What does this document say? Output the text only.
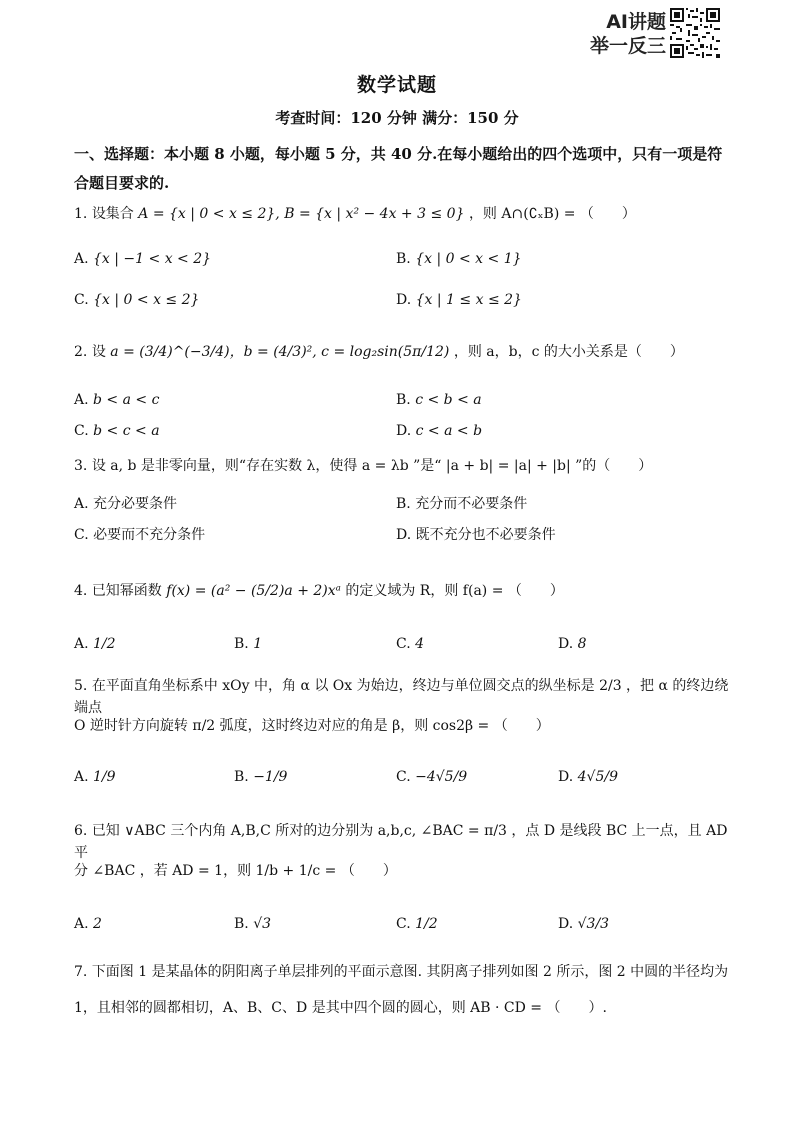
AI讲题
举一反三
数学试题
考查时间：120 分钟 满分：150 分
一、选择题：本小题 8 小题，每小题 5 分，共 40 分.在每小题给出的四个选项中，只有一项是符合题目要求的.
1. 设集合 A = {x | 0 < x ≤ 2}, B = {x | x² − 4x + 3 ≤ 0} ，则 A∩(∁ₓB) = （　　）
A. {x | −1 < x < 2}	B. {x | 0 < x < 1}
C. {x | 0 < x ≤ 2}	D. {x | 1 ≤ x ≤ 2}
2. 设 a = (3/4)^(−3/4)，b = (4/3)², c = log₂sin(5π/12) ，则 a，b，c 的大小关系是（　　）
A. b < a < c	B. c < b < a
C. b < c < a	D. c < a < b
3. 设 a, b 是非零向量，则“存在实数 λ，使得 a = λb ”是“ |a + b| = |a| + |b| ”的（　　）
A. 充分必要条件	B. 充分而不必要条件
C. 必要而不充分条件	D. 既不充分也不必要条件
4. 已知幂函数 f(x) = (a² − (5/2)a + 2)xᵃ 的定义域为 R，则 f(a) = （　　）
A. 1/2	B. 1	C. 4	D. 8
5. 在平面直角坐标系中 xOy 中，角 α 以 Ox 为始边，终边与单位圆交点的纵坐标是 2/3 ，把 α 的终边绕端点
O 逆时针方向旋转 π/2 弧度，这时终边对应的角是 β，则 cos2β = （　　）
A. 1/9	B. −1/9	C. −4√5/9	D. 4√5/9
6. 已知 ∨ABC 三个内角 A,B,C 所对的边分别为 a,b,c, ∠BAC = π/3 ，点 D 是线段 BC 上一点，且 AD 平
分 ∠BAC ，若 AD = 1，则 1/b + 1/c = （　　）
A. 2	B. √3	C. 1/2	D. √3/3
7. 下面图 1 是某晶体的阴阳离子单层排列的平面示意图. 其阴离子排列如图 2 所示，图 2 中圆的半径均为
1，且相邻的圆都相切，A、B、C、D 是其中四个圆的圆心，则 AB · CD = （　　）.
